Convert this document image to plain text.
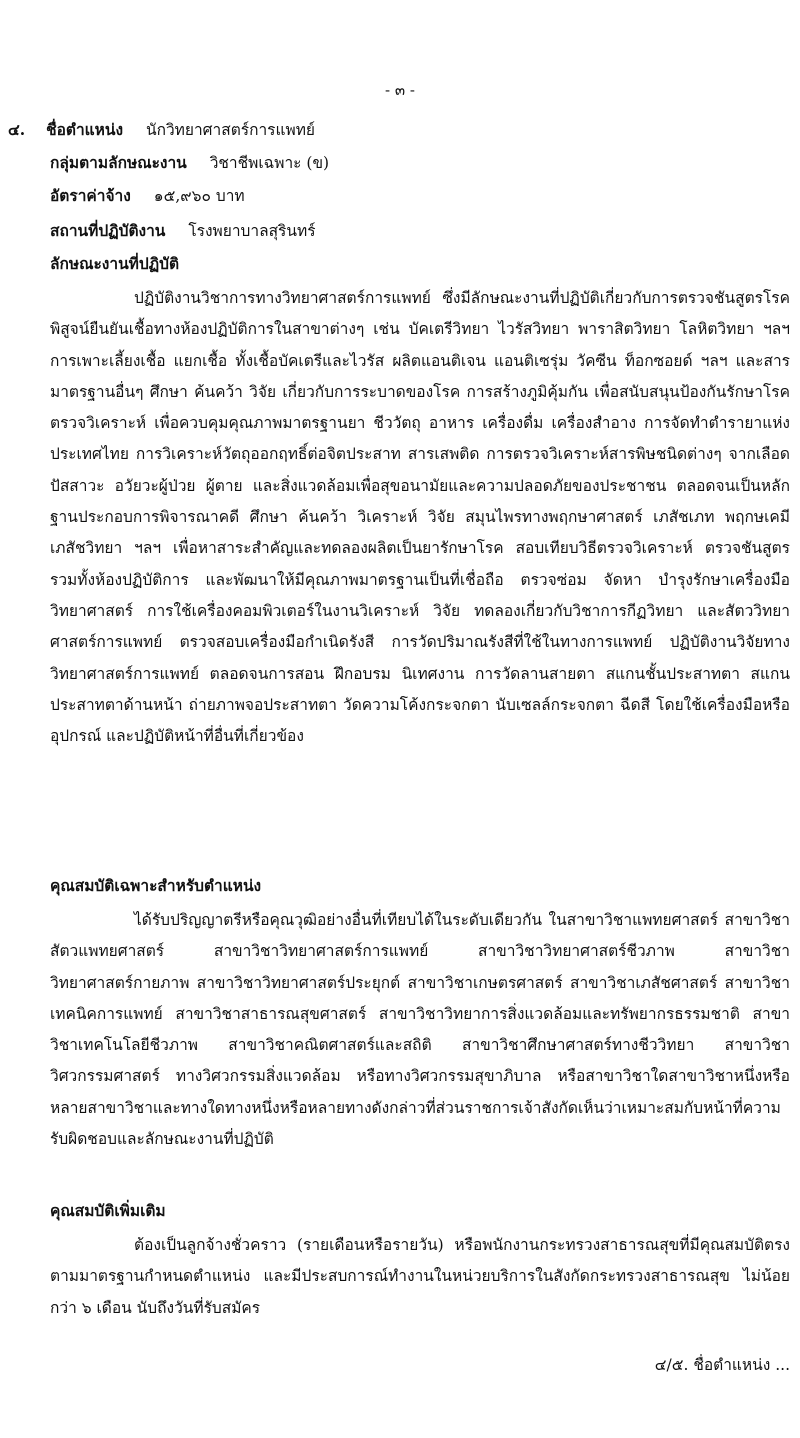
- ๓ -
๔. ชื่อตำแหน่ง นักวิทยาศาสตร์การแพทย์
กลุ่มตามลักษณะงาน วิชาชีพเฉพาะ (ข)
อัตราค่าจ้าง ๑๕,๙๖๐ บาท
สถานที่ปฏิบัติงาน โรงพยาบาลสุรินทร์
ลักษณะงานที่ปฏิบัติ
ปฏิบัติงานวิชาการทางวิทยาศาสตร์การแพทย์ ซึ่งมีลักษณะงานที่ปฏิบัติเกี่ยวกับการตรวจชันสูตรโรคพิสูจน์ยืนยันเชื้อทางห้องปฏิบัติการในสาขาต่างๆ เช่น บัคเตรีวิทยา ไวรัสวิทยา พาราสิตวิทยา โลหิตวิทยา ฯลฯ การเพาะเลี้ยงเชื้อ แยกเชื้อ ทั้งเชื้อบัคเตรีและไวรัส ผลิตแอนติเจน แอนติเซรุ่ม วัคซีน ท็อกซอยด์ ฯลฯ และสารมาตรฐานอื่นๆ ศึกษา ค้นคว้า วิจัย เกี่ยวกับการระบาดของโรค การสร้างภูมิคุ้มกัน เพื่อสนับสนุนป้องกันรักษาโรค ตรวจวิเคราะห์ เพื่อควบคุมคุณภาพมาตรฐานยา ชีววัตถุ อาหาร เครื่องดื่ม เครื่องสำอาง การจัดทำตำรายาแห่งประเทศไทย การวิเคราะห์วัตถุออกฤทธิ์ต่อจิตประสาท สารเสพติด การตรวจวิเคราะห์สารพิษชนิดต่างๆ จากเลือด ปัสสาวะ อวัยวะผู้ป่วย ผู้ตาย และสิ่งแวดล้อมเพื่อสุขอนามัยและความปลอดภัยของประชาชน ตลอดจนเป็นหลักฐานประกอบการพิจารณาคดี ศึกษา ค้นคว้า วิเคราะห์ วิจัย สมุนไพรทางพฤกษาศาสตร์ เภสัชเภท พฤกษเคมี เภสัชวิทยา ฯลฯ เพื่อหาสาระสำคัญและทดลองผลิตเป็นยารักษาโรค สอบเทียบวิธีตรวจวิเคราะห์ ตรวจชันสูตร รวมทั้งห้องปฏิบัติการ และพัฒนาให้มีคุณภาพมาตรฐานเป็นที่เชื่อถือ ตรวจซ่อม จัดหา บำรุงรักษาเครื่องมือวิทยาศาสตร์ การใช้เครื่องคอมพิวเตอร์ในงานวิเคราะห์ วิจัย ทดลองเกี่ยวกับวิชาการกีฏวิทยา และสัตววิทยาศาสตร์การแพทย์ ตรวจสอบเครื่องมือกำเนิดรังสี การวัดปริมาณรังสีที่ใช้ในทางการแพทย์ ปฏิบัติงานวิจัยทางวิทยาศาสตร์การแพทย์ ตลอดจนการสอน ฝึกอบรม นิเทศงาน การวัดลานสายตา สแกนชั้นประสาทตา สแกนประสาทตาด้านหน้า ถ่ายภาพจอประสาทตา วัดความโค้งกระจกตา นับเซลล์กระจกตา ฉีดสี โดยใช้เครื่องมือหรืออุปกรณ์ และปฏิบัติหน้าที่อื่นที่เกี่ยวข้อง
คุณสมบัติเฉพาะสำหรับตำแหน่ง
ได้รับปริญญาตรีหรือคุณวุฒิอย่างอื่นที่เทียบได้ในระดับเดียวกัน ในสาขาวิชาแพทยศาสตร์ สาขาวิชาสัตวแพทยศาสตร์ สาขาวิชาวิทยาศาสตร์การแพทย์ สาขาวิชาวิทยาศาสตร์ชีวภาพ สาขาวิชาวิทยาศาสตร์กายภาพ สาขาวิชาวิทยาศาสตร์ประยุกต์ สาขาวิชาเกษตรศาสตร์ สาขาวิชาเภสัชศาสตร์ สาขาวิชาเทคนิคการแพทย์ สาขาวิชาสาธารณสุขศาสตร์ สาขาวิชาวิทยาการสิ่งแวดล้อมและทรัพยากรธรรมชาติ สาขาวิชาเทคโนโลยีชีวภาพ สาขาวิชาคณิตศาสตร์และสถิติ สาขาวิชาศึกษาศาสตร์ทางชีววิทยา สาขาวิชาวิศวกรรมศาสตร์ ทางวิศวกรรมสิ่งแวดล้อม หรือทางวิศวกรรมสุขาภิบาล หรือสาขาวิชาใดสาขาวิชาหนึ่งหรือหลายสาขาวิชาและทางใดทางหนึ่งหรือหลายทางดังกล่าวที่ส่วนราชการเจ้าสังกัดเห็นว่าเหมาะสมกับหน้าที่ความรับผิดชอบและลักษณะงานที่ปฏิบัติ
คุณสมบัติเพิ่มเติม
ต้องเป็นลูกจ้างชั่วคราว (รายเดือนหรือรายวัน) หรือพนักงานกระทรวงสาธารณสุขที่มีคุณสมบัติตรงตามมาตรฐานกำหนดตำแหน่ง และมีประสบการณ์ทำงานในหน่วยบริการในสังกัดกระทรวงสาธารณสุข ไม่น้อยกว่า ๖ เดือน นับถึงวันที่รับสมัคร
๔/๕. ชื่อตำแหน่ง ...
